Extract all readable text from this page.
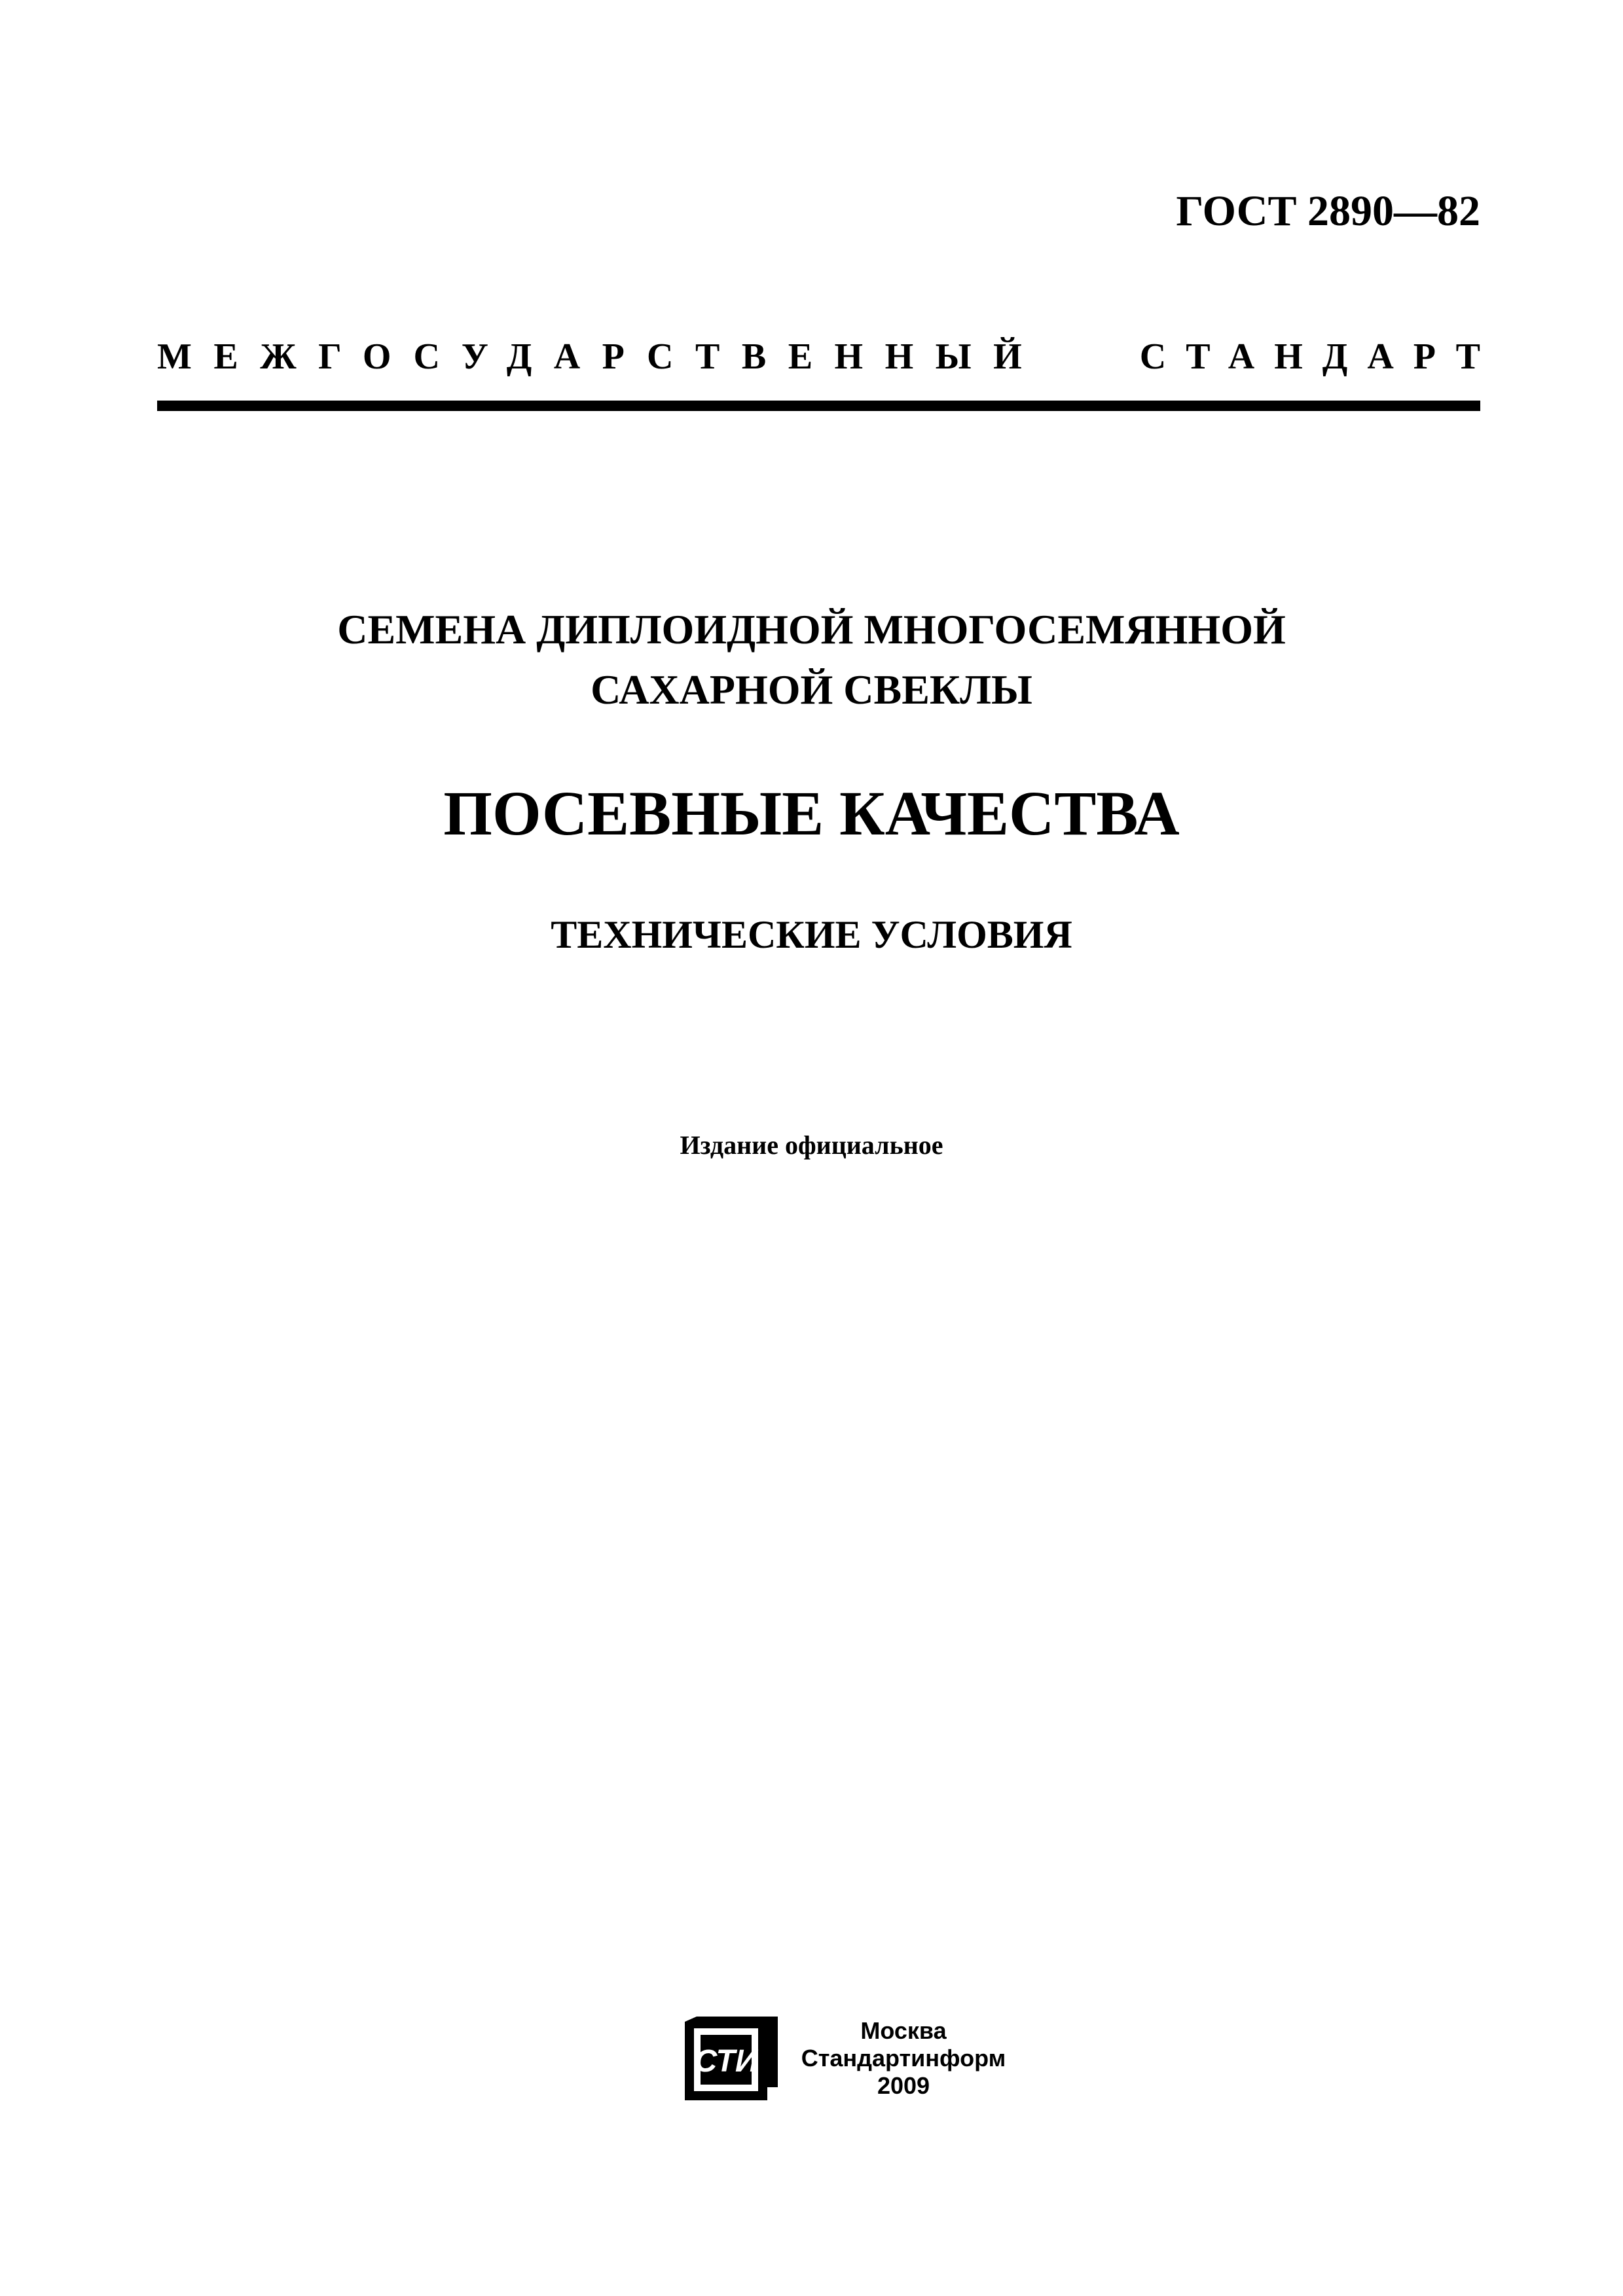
ГОСТ 2890—82
МЕЖГОСУДАРСТВЕННЫЙ	СТАНДАРТ
СЕМЕНА ДИПЛОИДНОЙ МНОГОСЕМЯННОЙ
САХАРНОЙ СВЕКЛЫ
ПОСЕВНЫЕ КАЧЕСТВА
ТЕХНИЧЕСКИЕ УСЛОВИЯ
Издание официальное
СТИ
Москва
Стандартинформ
2009
